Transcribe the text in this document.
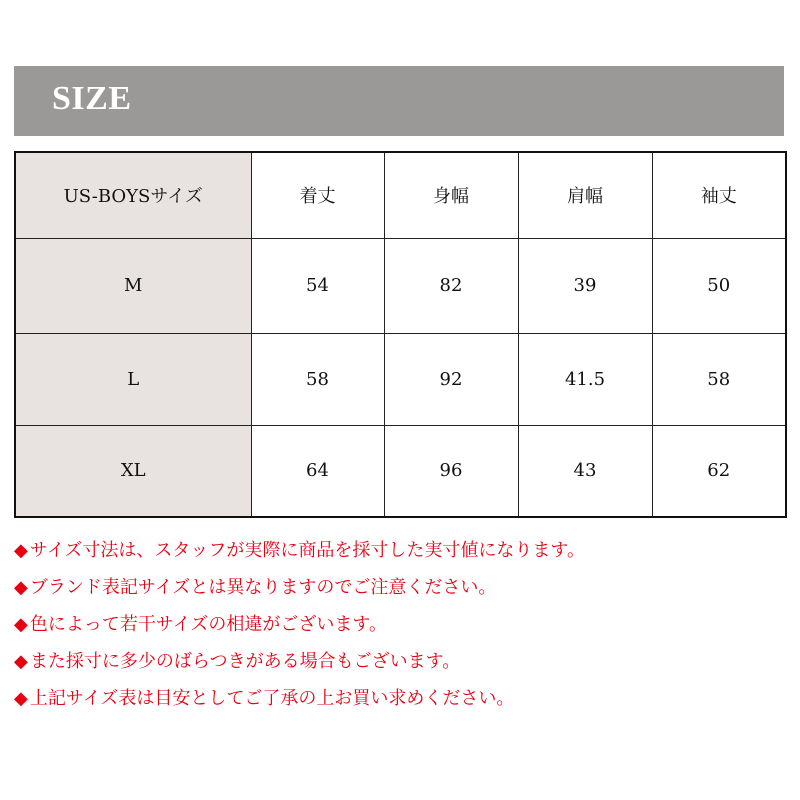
SIZE
US-BOYSサイズ	着丈	身幅	肩幅	袖丈
M	54	82	39	50
L	58	92	41.5	58
XL	64	96	43	62
◆ サイズ寸法は、スタッフが実際に商品を採寸した実寸値になります。
◆ ブランド表記サイズとは異なりますのでご注意ください。
◆ 色によって若干サイズの相違がございます。
◆ また採寸に多少のばらつきがある場合もございます。
◆ 上記サイズ表は目安としてご了承の上お買い求めください。
